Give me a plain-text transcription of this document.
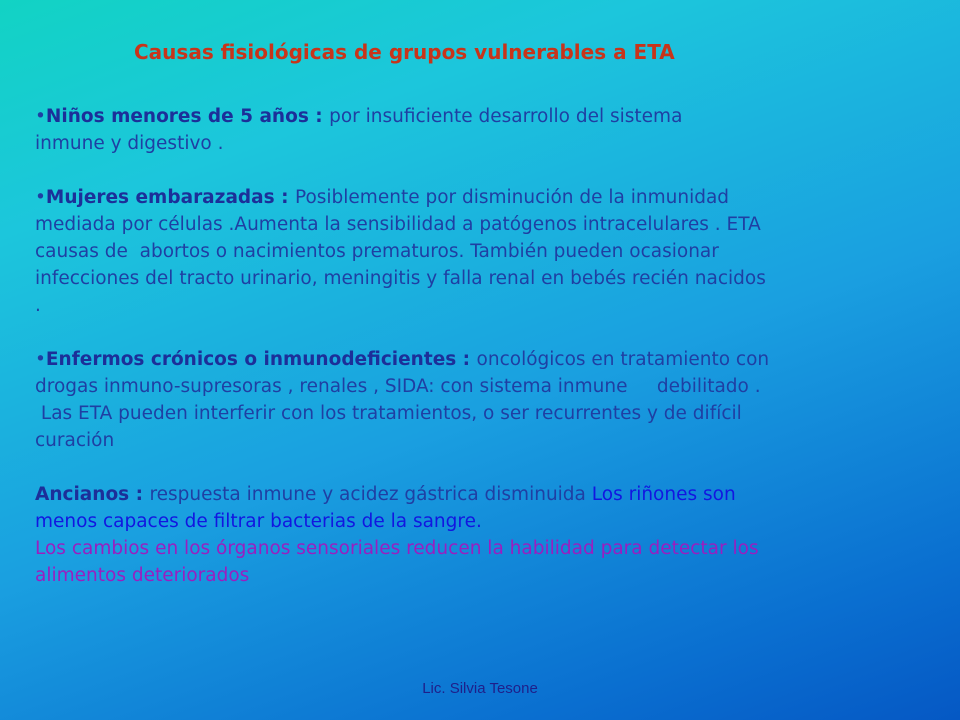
Causas fisiológicas de grupos vulnerables a ETA
•Niños menores de 5 años : por insuficiente desarrollo del sistema
inmune y digestivo .
•Mujeres embarazadas : Posiblemente por disminución de la inmunidad
mediada por células .Aumenta la sensibilidad a patógenos intracelulares . ETA
causas de  abortos o nacimientos prematuros. También pueden ocasionar
infecciones del tracto urinario, meningitis y falla renal en bebés recién nacidos
.
•Enfermos crónicos o inmunodeficientes : oncológicos en tratamiento con
drogas inmuno-supresoras , renales , SIDA: con sistema inmune     debilitado .
Las ETA pueden interferir con los tratamientos, o ser recurrentes y de difícil
curación
Ancianos : respuesta inmune y acidez gástrica disminuida Los riñones son
menos capaces de filtrar bacterias de la sangre.
Los cambios en los órganos sensoriales reducen la habilidad para detectar los
alimentos deteriorados
Lic. Silvia Tesone
